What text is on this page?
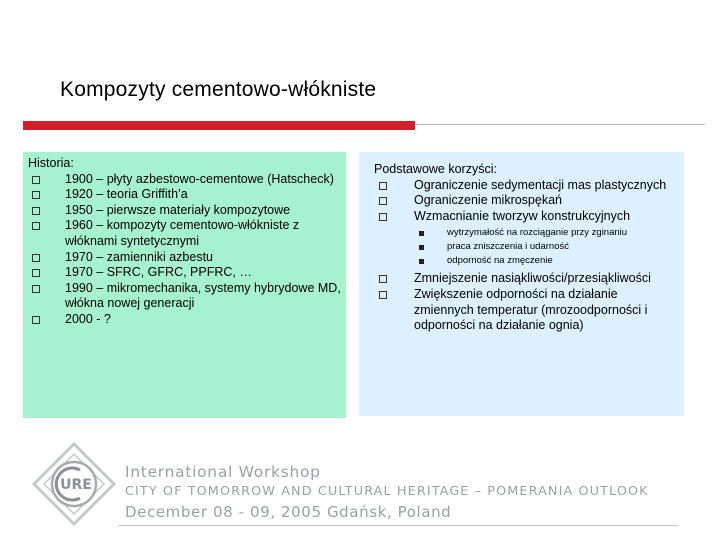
Kompozyty cementowo-włókniste
Historia:
1900 – płyty azbestowo-cementowe (Hatscheck)
1920 – teoria Griffith’a
1950 – pierwsze materiały kompozytowe
1960 – kompozyty cementowo-włókniste z włóknami syntetycznymi
1970 – zamienniki azbestu
1970 – SFRC, GFRC, PPFRC, …
1990 – mikromechanika, systemy hybrydowe MD, włókna nowej generacji
2000 - ?
Podstawowe korzyści:
Ograniczenie sedymentacji mas plastycznych
Ograniczenie mikrospękań
Wzmacnianie tworzyw konstrukcyjnych
wytrzymałość na rozciąganie przy zginaniu
praca zniszczenia i udarność
odporność na zmęczenie
Zmniejszenie nasiąkliwości/przesiąkliwości
Zwiększenie odporności na działanie zmiennych temperatur (mrozoodporności i odporności na działanie ognia)
URE
International Workshop
CITY OF TOMORROW AND CULTURAL HERITAGE – POMERANIA OUTLOOK
December 08 - 09, 2005 Gdańsk, Poland
